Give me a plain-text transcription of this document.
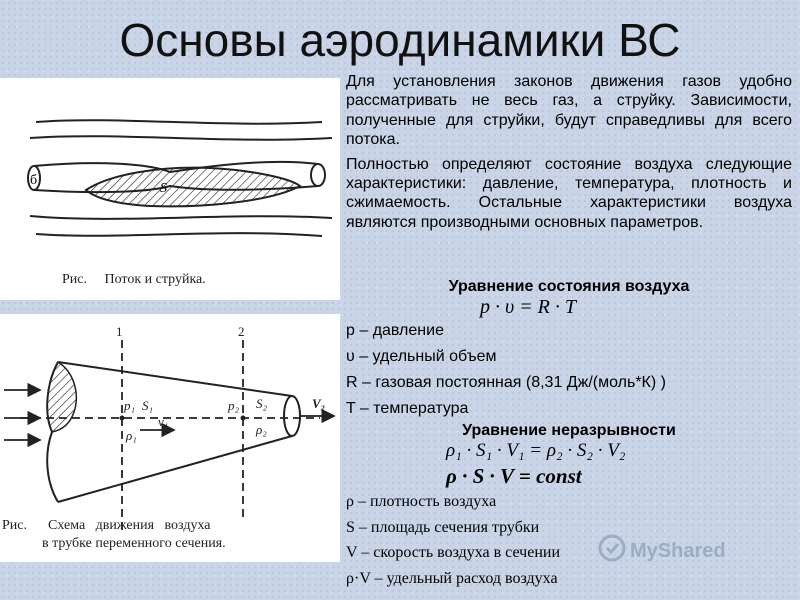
Основы аэродинамики ВС
б
S
Рис.     Поток и струйка.
1	2
p₁ S₁
ρ₁
v₁
p₂ S₂
ρ₂
V₂
Рис.      Схема   движения   воздуха
в трубке переменного сечения.

Для установления законов движения газов удобно рассматривать не весь газ, а струйку. Зависимости, полученные для струйки, будут справедливы для всего потока.

Полностью определяют состояние воздуха следующие характеристики: давление, температура, плотность и сжимаемость. Остальные характеристики воздуха являются производными основных параметров.

Уравнение состояния воздуха
p · υ = R · T
p – давление
υ – удельный объем
R – газовая постоянная (8,31 Дж/(моль*К) )
T – температура
Уравнение неразрывности
ρ₁ · S₁ · V₁ = ρ₂ · S₂ · V₂
ρ · S · V = const
ρ – плотность воздуха
S – площадь сечения трубки
V – скорость воздуха в сечении
ρ·V – удельный расход воздуха
MyShared
